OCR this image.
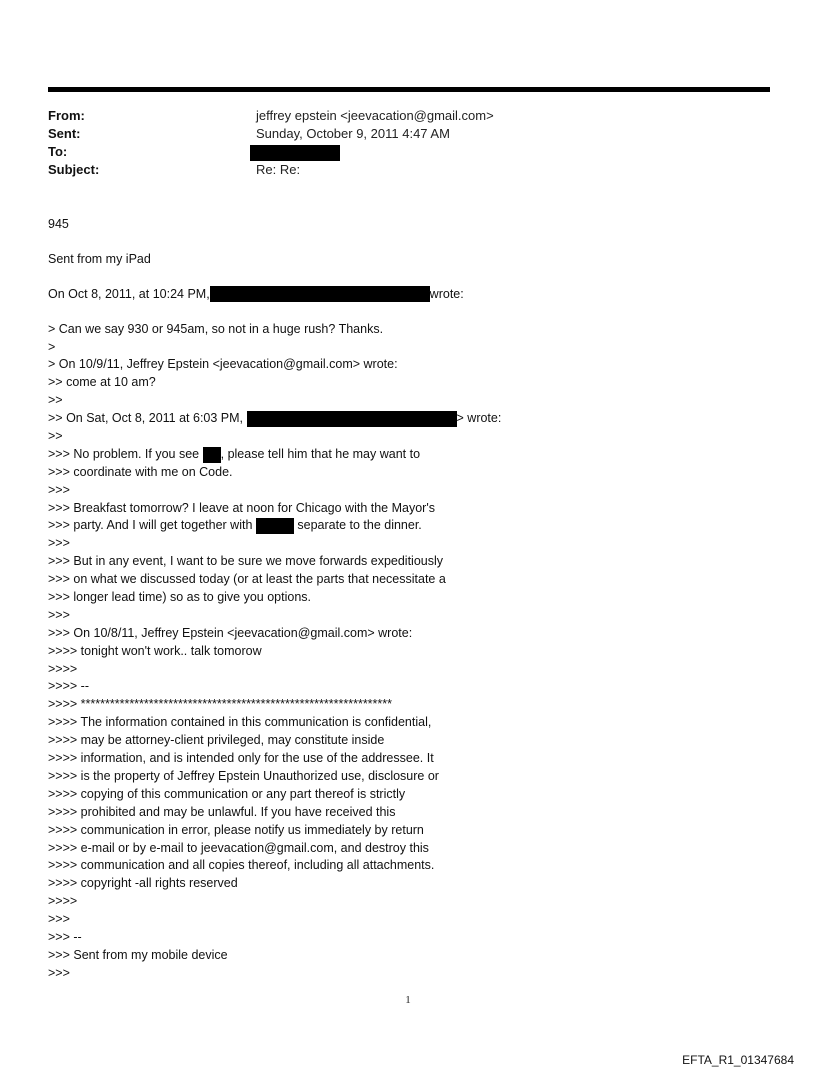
From:	jeffrey epstein <jeevacation@gmail.com>
Sent:	Sunday, October 9, 2011 4:47 AM
To:
Subject:	Re: Re:
945
Sent from my iPad
On Oct 8, 2011, at 10:24 PM,	wrote:
> Can we say 930 or 945am, so not in a huge rush? Thanks.
>
> On 10/9/11, Jeffrey Epstein <jeevacation@gmail.com> wrote:
>> come at 10 am?
>>
>> On Sat, Oct 8, 2011 at 6:03 PM,	> wrote:
>>
>>> No problem. If you see , please tell him that he may want to
>>> coordinate with me on Code.
>>>
>>> Breakfast tomorrow? I leave at noon for Chicago with the Mayor's
>>> party. And I will get together with	separate to the dinner.
>>>
>>> But in any event, I want to be sure we move forwards expeditiously
>>> on what we discussed today (or at least the parts that necessitate a
>>> longer lead time) so as to give you options.
>>>
>>> On 10/8/11, Jeffrey Epstein <jeevacation@gmail.com> wrote:
>>>> tonight won't work.. talk tomorow
>>>>
>>>> --
>>>> ****************************************************************
>>>> The information contained in this communication is confidential,
>>>> may be attorney-client privileged, may constitute inside
>>>> information, and is intended only for the use of the addressee. It
>>>> is the property of Jeffrey Epstein Unauthorized use, disclosure or
>>>> copying of this communication or any part thereof is strictly
>>>> prohibited and may be unlawful. If you have received this
>>>> communication in error, please notify us immediately by return
>>>> e-mail or by e-mail to jeevacation@gmail.com, and destroy this
>>>> communication and all copies thereof, including all attachments.
>>>> copyright -all rights reserved
>>>>
>>>
>>> --
>>> Sent from my mobile device
>>>
1
EFTA_R1_01347684
